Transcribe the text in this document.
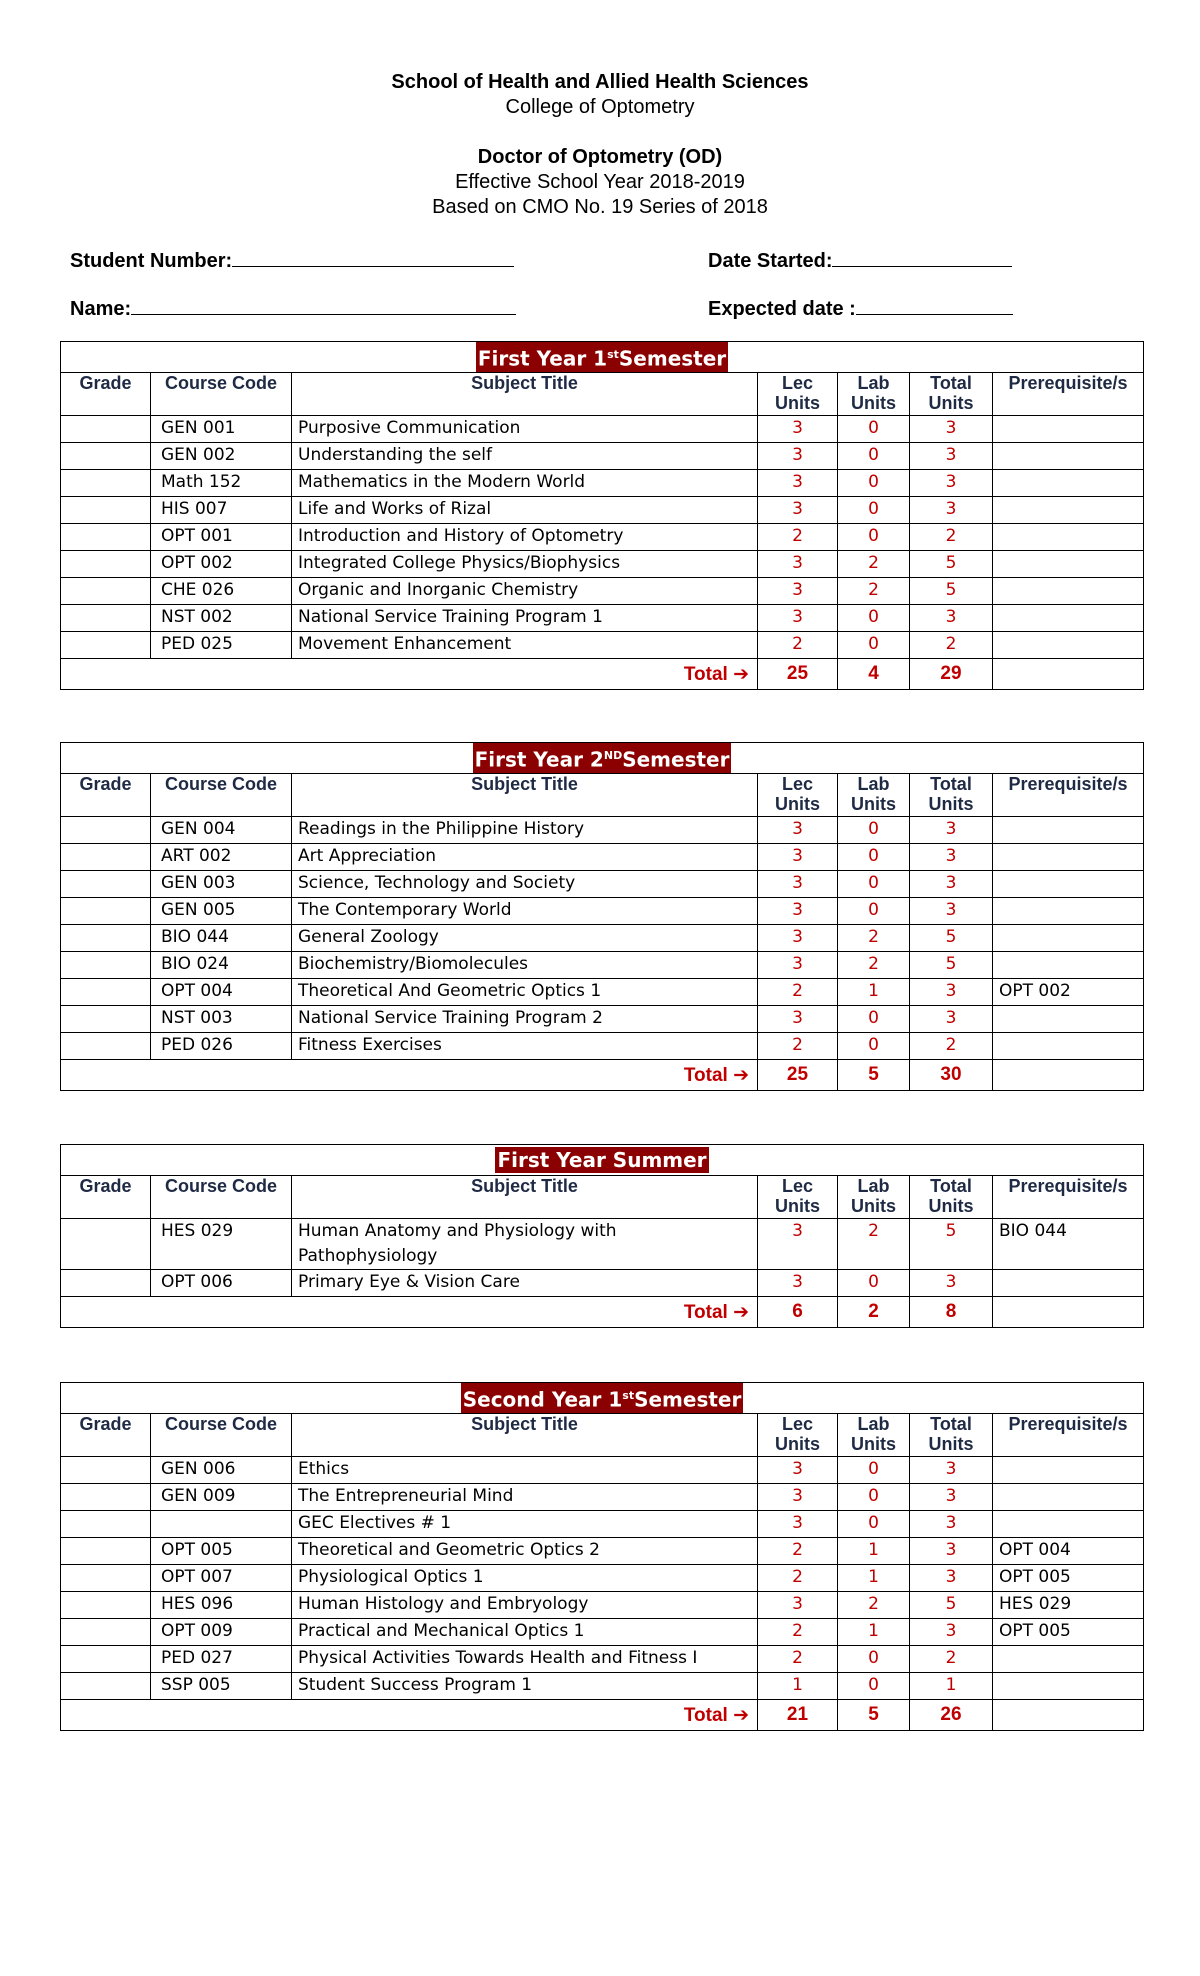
School of Health and Allied Health Sciences
College of Optometry
Doctor of Optometry (OD)
Effective School Year 2018-2019
Based on CMO No. 19 Series of 2018
Student Number:	Date Started:
Name:	Expected date :
First Year 1stSemester						
Grade	Course Code	Subject Title	Lec Units	Lab Units	Total Units	Prerequisite/s
	GEN 001	Purposive Communication	3	0	3	
	GEN 002	Understanding the self	3	0	3	
	Math 152	Mathematics in the Modern World	3	0	3	
	HIS 007	Life and Works of Rizal	3	0	3	
	OPT 001	Introduction and History of Optometry	2	0	2	
	OPT 002	Integrated College Physics/Biophysics	3	2	5	
	CHE 026	Organic and Inorganic Chemistry	3	2	5	
	NST 002	National Service Training Program 1	3	0	3	
	PED 025	Movement Enhancement	2	0	2	
Total ➔			25	4	29	
First Year 2NDSemester						
Grade	Course Code	Subject Title	Lec Units	Lab Units	Total Units	Prerequisite/s
	GEN 004	Readings in the Philippine History	3	0	3	
	ART 002	Art Appreciation	3	0	3	
	GEN 003	Science, Technology and Society	3	0	3	
	GEN 005	The Contemporary World	3	0	3	
	BIO 044	General Zoology	3	2	5	
	BIO 024	Biochemistry/Biomolecules	3	2	5	
	OPT 004	Theoretical And Geometric Optics 1	2	1	3	OPT 002
	NST 003	National Service Training Program 2	3	0	3	
	PED 026	Fitness Exercises	2	0	2	
Total ➔			25	5	30	
First Year Summer						
Grade	Course Code	Subject Title	Lec Units	Lab Units	Total Units	Prerequisite/s
	HES 029	Human Anatomy and Physiology with Pathophysiology	3	2	5	BIO 044
	OPT 006	Primary Eye & Vision Care	3	0	3	
Total ➔			6	2	8	
Second Year 1stSemester						
Grade	Course Code	Subject Title	Lec Units	Lab Units	Total Units	Prerequisite/s
	GEN 006	Ethics	3	0	3	
	GEN 009	The Entrepreneurial Mind	3	0	3	
		GEC Electives # 1	3	0	3	
	OPT 005	Theoretical and Geometric Optics 2	2	1	3	OPT 004
	OPT 007	Physiological Optics 1	2	1	3	OPT 005
	HES 096	Human Histology and Embryology	3	2	5	HES 029
	OPT 009	Practical and Mechanical Optics 1	2	1	3	OPT 005
	PED 027	Physical Activities Towards Health and Fitness I	2	0	2	
	SSP 005	Student Success Program 1	1	0	1	
Total ➔			21	5	26	
